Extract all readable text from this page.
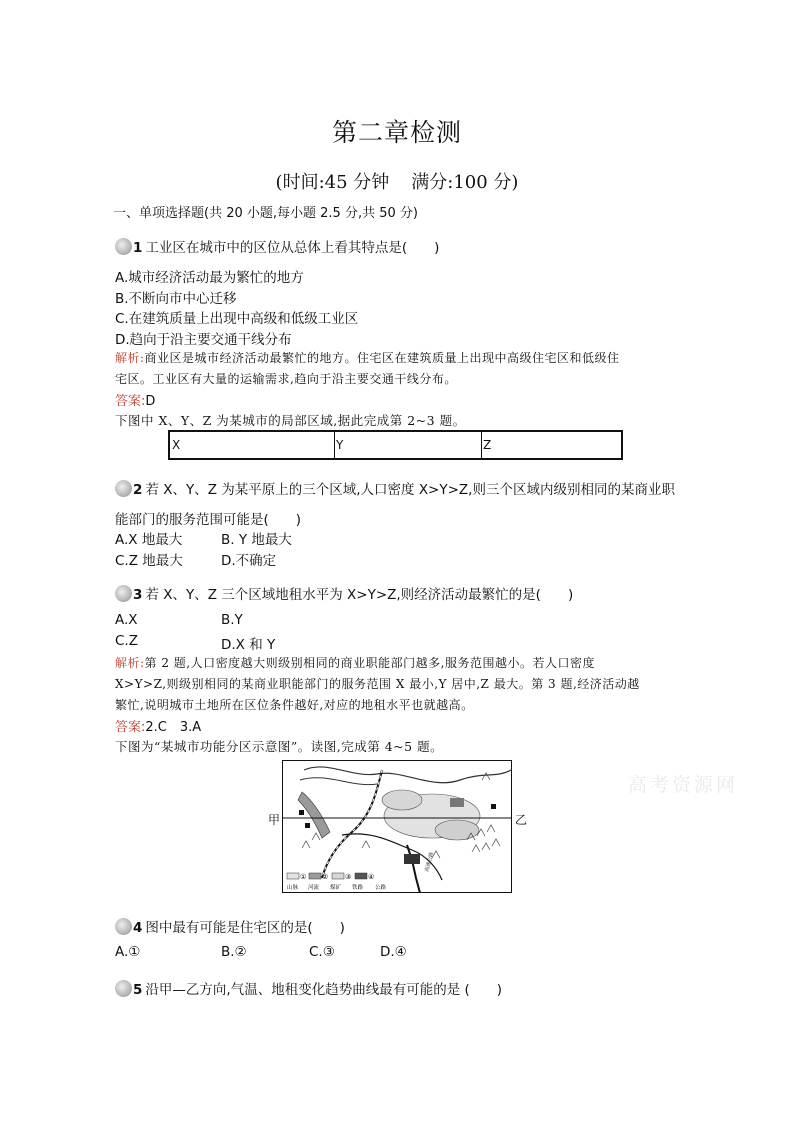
第二章检测
(时间:45 分钟 满分:100 分)
一、单项选择题(共 20 小题,每小题 2.5 分,共 50 分)
1 工业区在城市中的区位从总体上看其特点是(　　)
A.城市经济活动最为繁忙的地方
B.不断向市中心迁移
C.在建筑质量上出现中高级和低级工业区
D.趋向于沿主要交通干线分布
解析:商业区是城市经济活动最繁忙的地方。住宅区在建筑质量上出现中高级住宅区和低级住
宅区。工业区有大量的运输需求,趋向于沿主要交通干线分布。
答案:D
下图中 X、Y、Z 为某城市的局部区域,据此完成第 2~3 题。
X	Y	Z
2 若 X、Y、Z 为某平原上的三个区域,人口密度 X>Y>Z,则三个区域内级别相同的某商业职
能部门的服务范围可能是(　　)
A.X 地最大	B. Y 地最大
C.Z 地最大	D.不确定
3 若 X、Y、Z 三个区域地租水平为 X>Y>Z,则经济活动最繁忙的是(　　)
A.X	B.Y
C.Z	D.X 和 Y
解析:第 2 题,人口密度越大则级别相同的商业职能部门越多,服务范围越小。若人口密度
X>Y>Z,则级别相同的某商业职能部门的服务范围 X 最小,Y 居中,Z 最大。第 3 题,经济活动越
繁忙,说明城市土地所在区位条件越好,对应的地租水平也就越高。
答案:2.C　3.A
下图为“某城市功能分区示意图”。读图,完成第 4~5 题。
甲	乙
高考资源网
高速公路
① ② ③ ④
山脉 河流 煤矿 铁路 公路
4 图中最有可能是住宅区的是(　　)
A.①	B.②	C.③	D.④
5 沿甲—乙方向,气温、地租变化趋势曲线最有可能的是 (　　)
